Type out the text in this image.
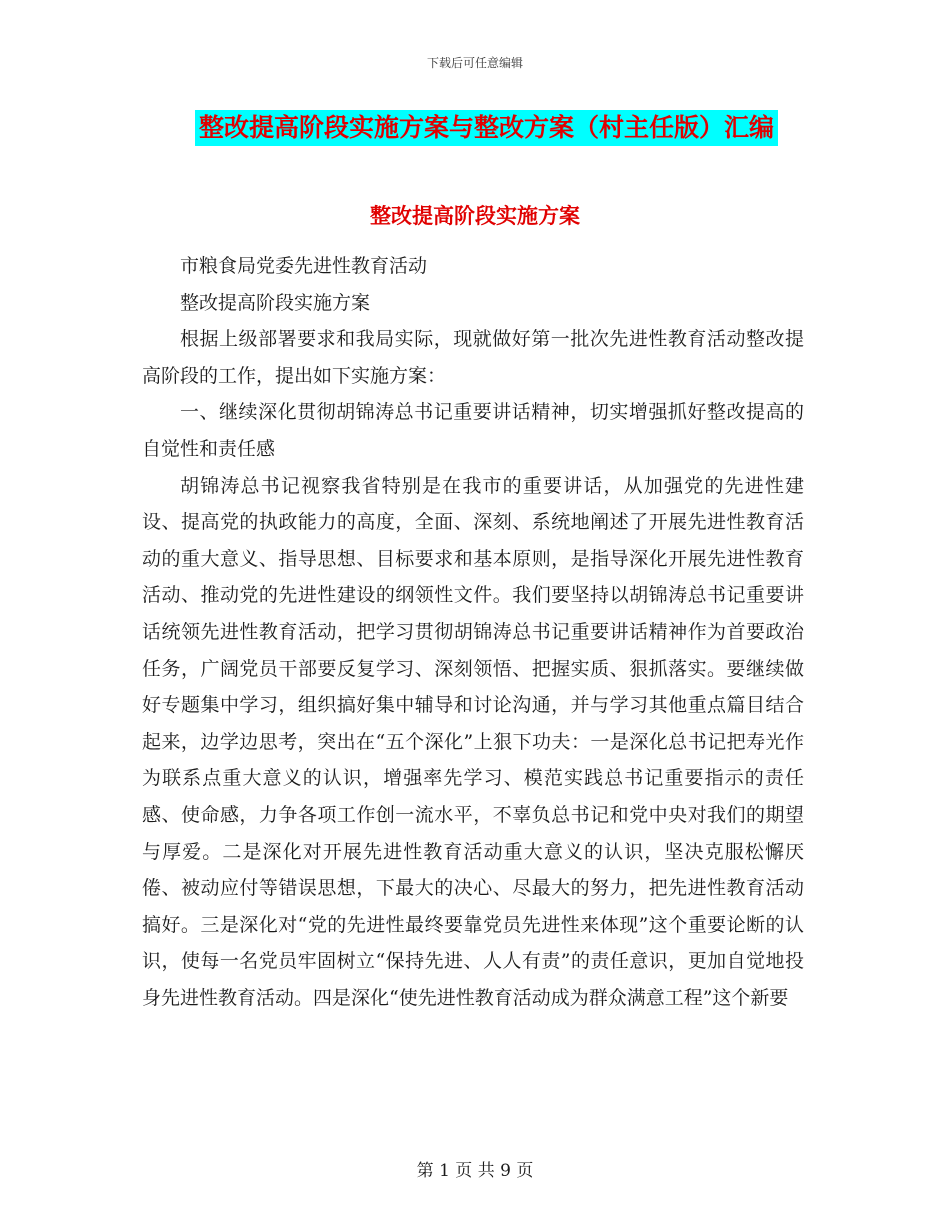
下载后可任意编辑
整改提高阶段实施方案与整改方案（村主任版）汇编
整改提高阶段实施方案

市粮食局党委先进性教育活动

整改提高阶段实施方案

根据上级部署要求和我局实际，现就做好第一批次先进性教育活动整改提高阶段的工作，提出如下实施方案：

一、继续深化贯彻胡锦涛总书记重要讲话精神，切实增强抓好整改提高的自觉性和责任感

胡锦涛总书记视察我省特别是在我市的重要讲话，从加强党的先进性建设、提高党的执政能力的高度，全面、深刻、系统地阐述了开展先进性教育活动的重大意义、指导思想、目标要求和基本原则，是指导深化开展先进性教育活动、推动党的先进性建设的纲领性文件。我们要坚持以胡锦涛总书记重要讲话统领先进性教育活动，把学习贯彻胡锦涛总书记重要讲话精神作为首要政治任务，广阔党员干部要反复学习、深刻领悟、把握实质、狠抓落实。要继续做好专题集中学习，组织搞好集中辅导和讨论沟通，并与学习其他重点篇目结合起来，边学边思考，突出在“五个深化”上狠下功夫：一是深化总书记把寿光作为联系点重大意义的认识，增强率先学习、模范实践总书记重要指示的责任感、使命感，力争各项工作创一流水平，不辜负总书记和党中央对我们的期望与厚爱。二是深化对开展先进性教育活动重大意义的认识，坚决克服松懈厌倦、被动应付等错误思想，下最大的决心、尽最大的努力，把先进性教育活动搞好。三是深化对“党的先进性最终要靠党员先进性来体现”这个重要论断的认识，使每一名党员牢固树立“保持先进、人人有责”的责任意识，更加自觉地投身先进性教育活动。四是深化“使先进性教育活动成为群众满意工程”这个新要

第 1 页 共 9 页
